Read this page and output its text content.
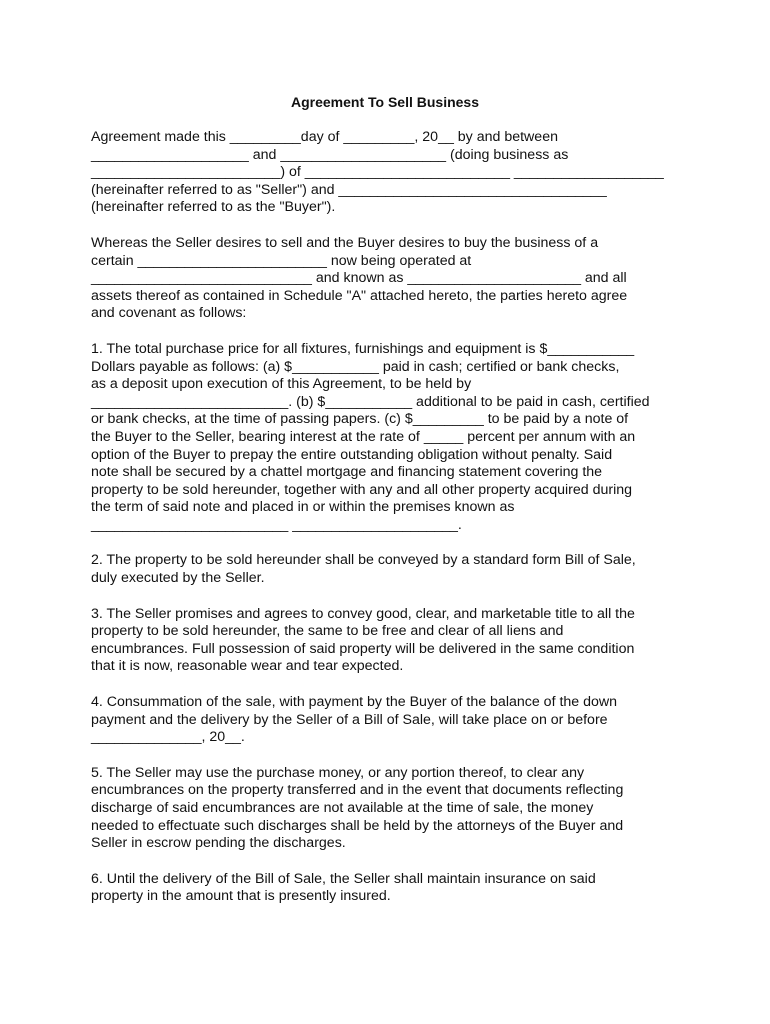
Agreement To Sell Business
Agreement made this _________day of _________, 20__ by and between
____________________ and _____________________ (doing business as
________________________) of __________________________ ___________________
(hereinafter referred to as "Seller") and __________________________________
(hereinafter referred to as the "Buyer").
Whereas the Seller desires to sell and the Buyer desires to buy the business of a
certain ________________________ now being operated at
____________________________ and known as ______________________ and all
assets thereof as contained in Schedule "A" attached hereto, the parties hereto agree
and covenant as follows:
1. The total purchase price for all fixtures, furnishings and equipment is $___________
Dollars payable as follows: (a) $___________ paid in cash; certified or bank checks,
as a deposit upon execution of this Agreement, to be held by
_________________________. (b) $___________ additional to be paid in cash, certified
or bank checks, at the time of passing papers. (c) $_________ to be paid by a note of
the Buyer to the Seller, bearing interest at the rate of _____ percent per annum with an
option of the Buyer to prepay the entire outstanding obligation without penalty. Said
note shall be secured by a chattel mortgage and financing statement covering the
property to be sold hereunder, together with any and all other property acquired during
the term of said note and placed in or within the premises known as
_________________________ _____________________.
2. The property to be sold hereunder shall be conveyed by a standard form Bill of Sale,
duly executed by the Seller.
3. The Seller promises and agrees to convey good, clear, and marketable title to all the
property to be sold hereunder, the same to be free and clear of all liens and
encumbrances. Full possession of said property will be delivered in the same condition
that it is now, reasonable wear and tear expected.
4. Consummation of the sale, with payment by the Buyer of the balance of the down
payment and the delivery by the Seller of a Bill of Sale, will take place on or before
______________, 20__.
5. The Seller may use the purchase money, or any portion thereof, to clear any
encumbrances on the property transferred and in the event that documents reflecting
discharge of said encumbrances are not available at the time of sale, the money
needed to effectuate such discharges shall be held by the attorneys of the Buyer and
Seller in escrow pending the discharges.
6. Until the delivery of the Bill of Sale, the Seller shall maintain insurance on said
property in the amount that is presently insured.
